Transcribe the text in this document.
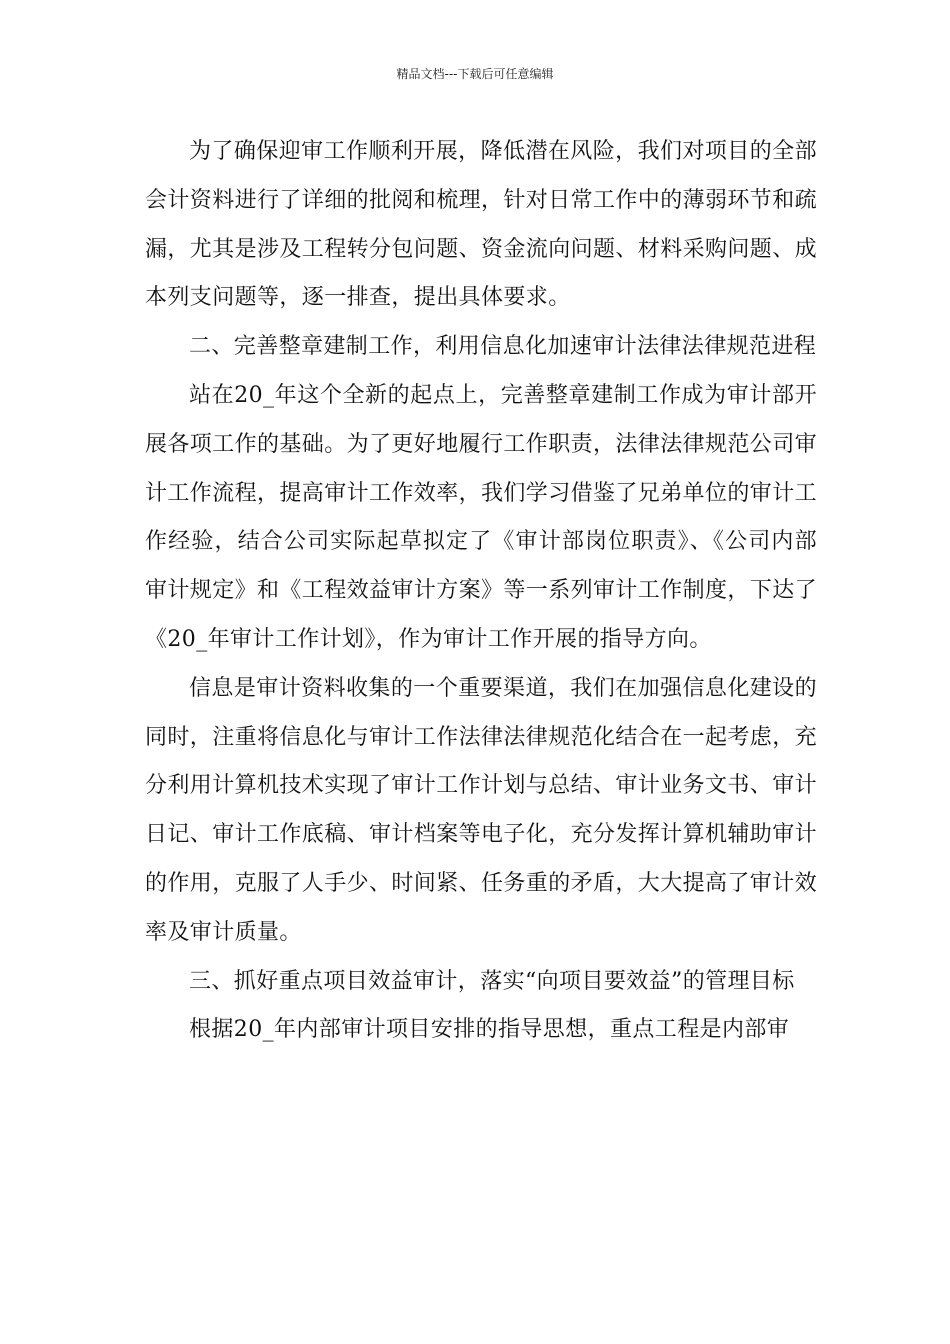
精品文档---下载后可任意编辑

为了确保迎审工作顺利开展，降低潜在风险，我们对项目的全部会计资料进行了详细的批阅和梳理，针对日常工作中的薄弱环节和疏漏，尤其是涉及工程转分包问题、资金流向问题、材料采购问题、成本列支问题等，逐一排查，提出具体要求。

二、完善整章建制工作，利用信息化加速审计法律法律规范进程

站在20_年这个全新的起点上，完善整章建制工作成为审计部开展各项工作的基础。为了更好地履行工作职责，法律法律规范公司审计工作流程，提高审计工作效率，我们学习借鉴了兄弟单位的审计工作经验，结合公司实际起草拟定了《审计部岗位职责》、《公司内部审计规定》和《工程效益审计方案》等一系列审计工作制度，下达了《20_年审计工作计划》，作为审计工作开展的指导方向。

信息是审计资料收集的一个重要渠道，我们在加强信息化建设的同时，注重将信息化与审计工作法律法律规范化结合在一起考虑，充分利用计算机技术实现了审计工作计划与总结、审计业务文书、审计日记、审计工作底稿、审计档案等电子化，充分发挥计算机辅助审计的作用，克服了人手少、时间紧、任务重的矛盾，大大提高了审计效率及审计质量。

三、抓好重点项目效益审计，落实“向项目要效益”的管理目标

根据20_年内部审计项目安排的指导思想，重点工程是内部审
